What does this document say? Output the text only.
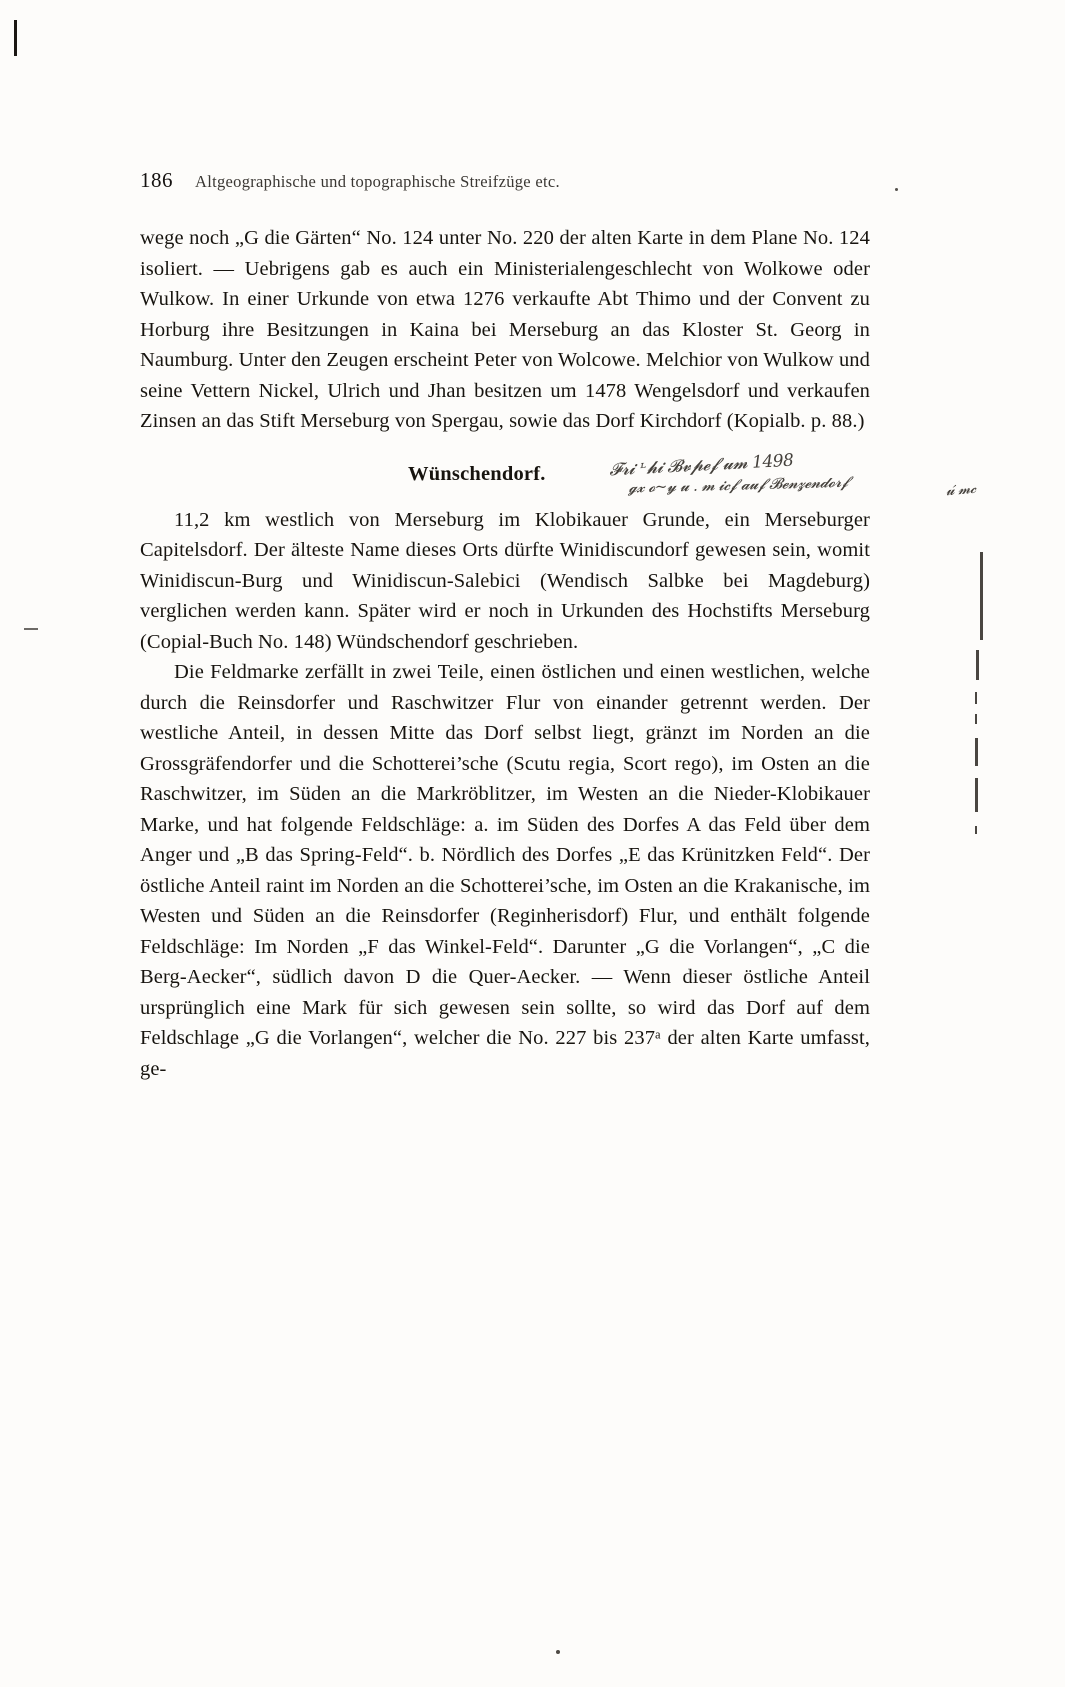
186 Altgeographische und topographische Streifzüge etc.

wege noch „G die Gärten“ No. 124 unter No. 220 der alten Karte in dem Plane No. 124 isoliert. — Uebrigens gab es auch ein Ministerialengeschlecht von Wolkowe oder Wulkow. In einer Urkunde von etwa 1276 verkaufte Abt Thimo und der Convent zu Horburg ihre Besitzungen in Kaina bei Merseburg an das Kloster St. Georg in Naumburg. Unter den Zeugen erscheint Peter von Wolcowe. Melchior von Wulkow und seine Vettern Nickel, Ulrich und Jhan besitzen um 1478 Wengelsdorf und verkaufen Zinsen an das Stift Merseburg von Spergau, sowie das Dorf Kirchdorf (Kopialb. p. 88.)

Wünschendorf.	𝓕𝓻𝓲 ᶫ𝓱𝓲 𝓑𝓿𝓹𝓮𝓯 𝓾𝓶 1498
𝓰𝔁 𝓸~𝔂 𝓾 . 𝓶 𝓲𝓬𝓯 𝓪𝓾𝓯 𝓑𝓮𝓷𝔃𝓮𝓷𝓭𝓸𝓻𝓯	𝓾́ 𝓶𝓬

11,2 km westlich von Merseburg im Klobikauer Grunde, ein Merseburger Capitelsdorf. Der älteste Name dieses Orts dürfte Winidiscundorf gewesen sein, womit Winidiscun-Burg und Winidiscun-Salebici (Wendisch Salbke bei Magdeburg) verglichen werden kann. Später wird er noch in Urkunden des Hochstifts Merseburg (Copial-Buch No. 148) Wündschendorf geschrieben.

Die Feldmarke zerfällt in zwei Teile, einen östlichen und einen westlichen, welche durch die Reinsdorfer und Raschwitzer Flur von einander getrennt werden. Der westliche Anteil, in dessen Mitte das Dorf selbst liegt, gränzt im Norden an die Grossgräfendorfer und die Schotterei’sche (Scutu regia, Scort rego), im Osten an die Raschwitzer, im Süden an die Markröblitzer, im Westen an die Nieder-Klobikauer Marke, und hat folgende Feldschläge: a. im Süden des Dorfes A das Feld über dem Anger und „B das Spring-Feld“. b. Nördlich des Dorfes „E das Krünitzken Feld“. Der östliche Anteil raint im Norden an die Schotterei’sche, im Osten an die Krakanische, im Westen und Süden an die Reinsdorfer (Reginherisdorf) Flur, und enthält folgende Feldschläge: Im Norden „F das Winkel-Feld“. Darunter „G die Vorlangen“, „C die Berg-Aecker“, südlich davon D die Quer-Aecker. — Wenn dieser östliche Anteil ursprünglich eine Mark für sich gewesen sein sollte, so wird das Dorf auf dem Feldschlage „G die Vorlangen“, welcher die No. 227 bis 237ᵃ der alten Karte umfasst, ge-
